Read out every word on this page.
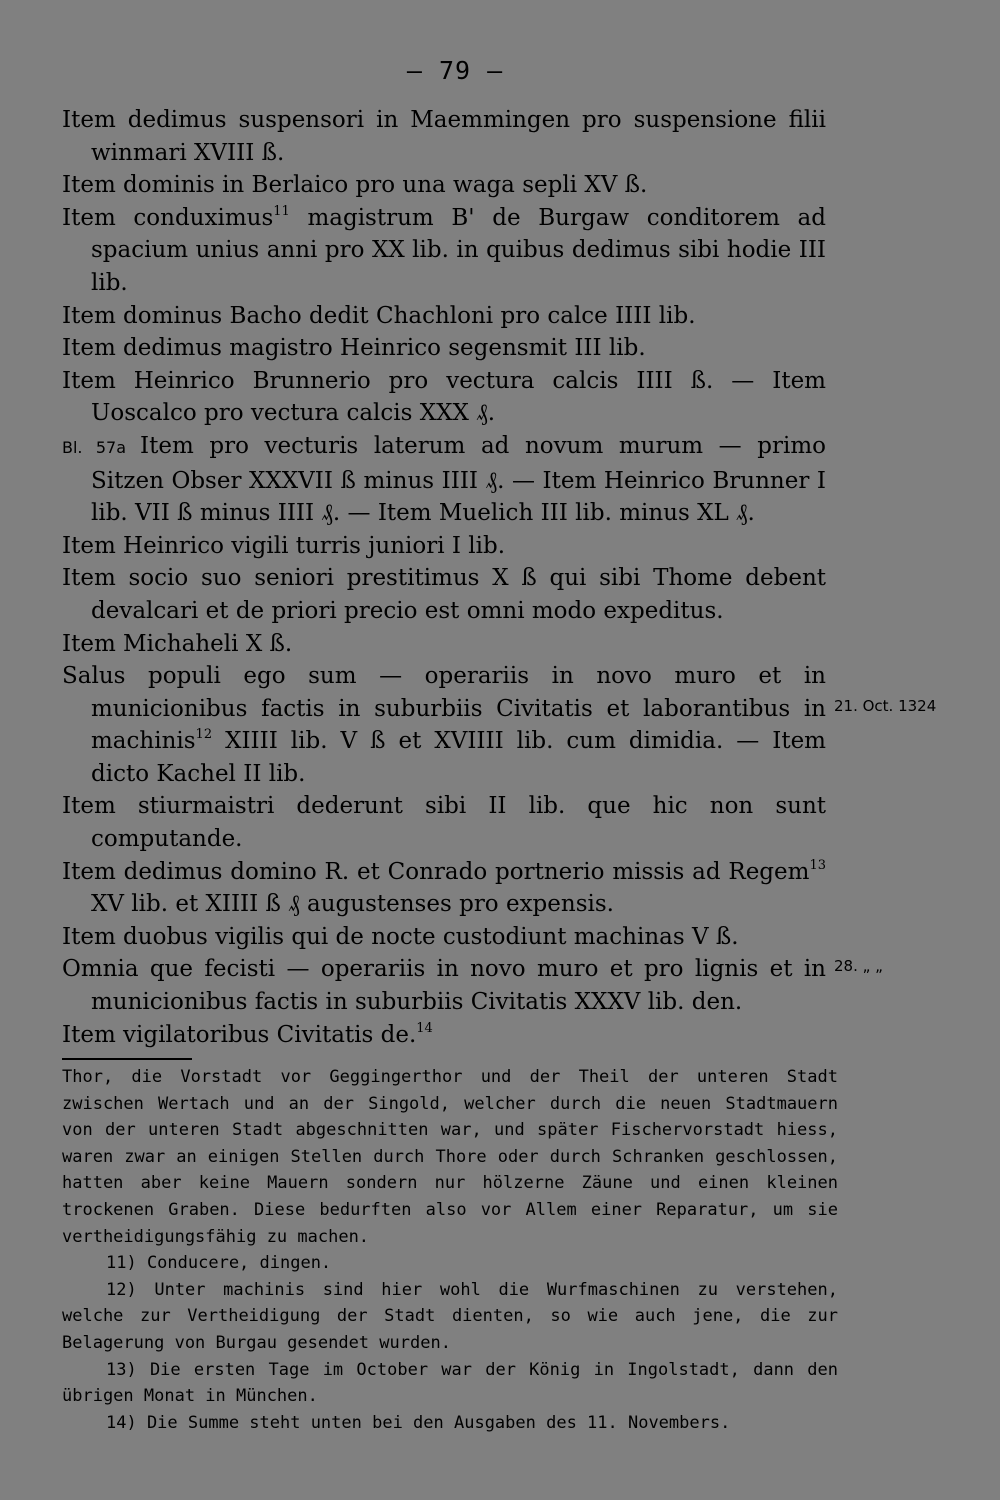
— 79 —
Item dedimus suspensori in Maemmingen pro suspensione filii winmari XVIII ß.
Item dominis in Berlaico pro una waga sepli XV ß.
Item conduximus$^{11}$ magistrum B' de Burgaw conditorem ad spacium unius anni pro XX lib. in quibus dedimus sibi hodie III lib.
Item dominus Bacho dedit Chachloni pro calce IIII lib.
Item dedimus magistro Heinrico segensmit III lib.
Item Heinrico Brunnerio pro vectura calcis IIII ß. — Item Uoscalco pro vectura calcis XXX ₰.
Bl. 57a Item pro vecturis laterum ad novum murum — primo Sitzen Obser XXXVII ß minus IIII ₰. — Item Heinrico Brunner I lib. VII ß minus IIII ₰. — Item Muelich III lib. minus XL ₰.
Item Heinrico vigili turris juniori I lib.
Item socio suo seniori prestitimus X ß qui sibi Thome debent devalcari et de priori precio est omni modo expeditus.
Item Michaheli X ß.
Salus populi ego sum — operariis in novo muro et in municionibus factis in suburbiis Civitatis et laborantibus in machinis$^{12}$ XIIII lib. V ß et XVIIII lib. cum dimidia. — Item dicto Kachel II lib.
Item stiurmaistri dederunt sibi II lib. que hic non sunt computande.
Item dedimus domino R. et Conrado portnerio missis ad Regem$^{13}$ XV lib. et XIIII ß ₰ augustenses pro expensis.
Item duobus vigilis qui de nocte custodiunt machinas V ß.
Omnia que fecisti — operariis in novo muro et pro lignis et in municionibus factis in suburbiis Civitatis XXXV lib. den.
Item vigilatoribus Civitatis de.$^{14}$
21. Oct. 1324
28. „ „
Thor, die Vorstadt vor Geggingerthor und der Theil der unteren Stadt zwischen Wertach und an der Singold, welcher durch die neuen Stadtmauern von der unteren Stadt abgeschnitten war, und später Fischervorstadt hiess, waren zwar an einigen Stellen durch Thore oder durch Schranken geschlossen, hatten aber keine Mauern sondern nur hölzerne Zäune und einen kleinen trockenen Graben. Diese bedurften also vor Allem einer Reparatur, um sie vertheidigungsfähig zu machen.
11) Conducere, dingen.
12) Unter machinis sind hier wohl die Wurfmaschinen zu verstehen, welche zur Vertheidigung der Stadt dienten, so wie auch jene, die zur Belagerung von Burgau gesendet wurden.
13) Die ersten Tage im October war der König in Ingolstadt, dann den übrigen Monat in München.
14) Die Summe steht unten bei den Ausgaben des 11. Novembers.
